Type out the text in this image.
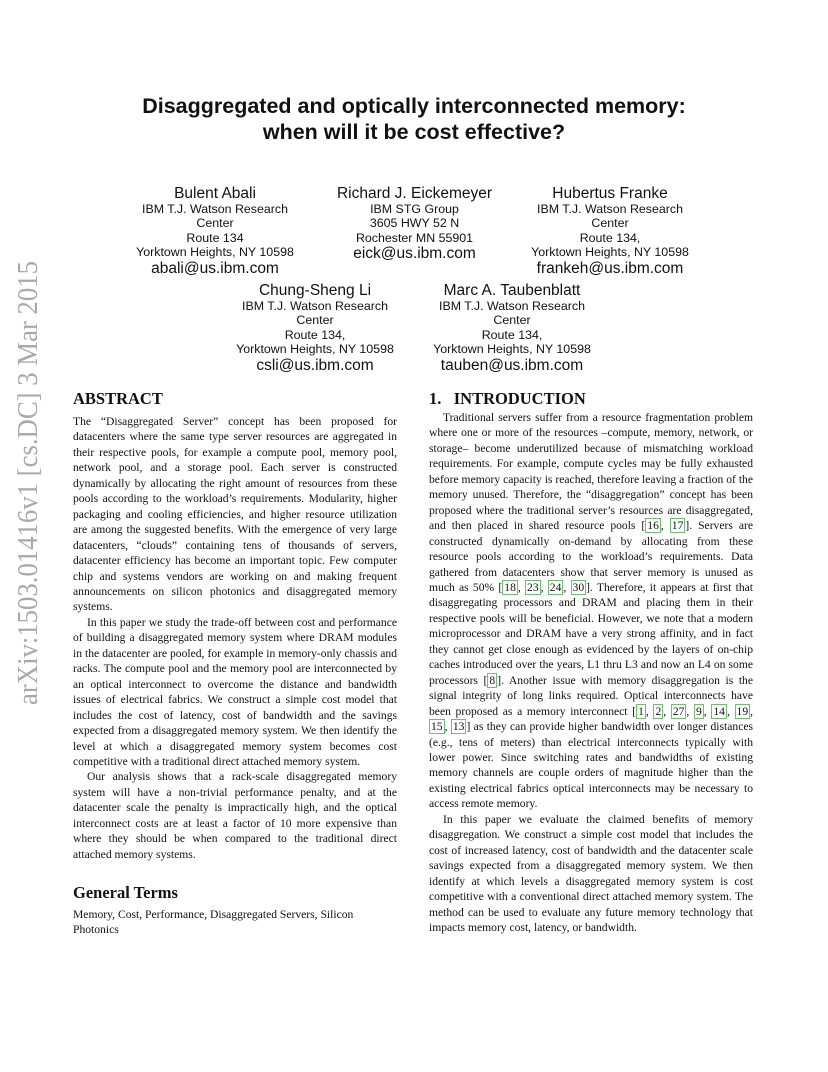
arXiv:1503.01416v1 [cs.DC] 3 Mar 2015
Disaggregated and optically interconnected memory:
when will it be cost effective?
Bulent Abali
IBM T.J. Watson Research
Center
Route 134
Yorktown Heights, NY 10598
abali@us.ibm.com
Richard J. Eickemeyer
IBM STG Group
3605 HWY 52 N
Rochester MN 55901
eick@us.ibm.com
Hubertus Franke
IBM T.J. Watson Research
Center
Route 134,
Yorktown Heights, NY 10598
frankeh@us.ibm.com
Chung-Sheng Li
IBM T.J. Watson Research
Center
Route 134,
Yorktown Heights, NY 10598
csli@us.ibm.com
Marc A. Taubenblatt
IBM T.J. Watson Research
Center
Route 134,
Yorktown Heights, NY 10598
tauben@us.ibm.com
ABSTRACT

The “Disaggregated Server” concept has been proposed for datacenters where the same type server resources are aggregated in their respective pools, for example a compute pool, memory pool, network pool, and a storage pool. Each server is constructed dynamically by allocating the right amount of resources from these pools according to the workload’s requirements. Modularity, higher packaging and cooling efficiencies, and higher resource utilization are among the suggested benefits. With the emergence of very large datacenters, “clouds” containing tens of thousands of servers, datacenter efficiency has become an important topic. Few computer chip and systems vendors are working on and making frequent announcements on silicon photonics and disaggregated memory systems.

In this paper we study the trade-off between cost and performance of building a disaggregated memory system where DRAM modules in the datacenter are pooled, for example in memory-only chassis and racks. The compute pool and the memory pool are interconnected by an optical interconnect to overcome the distance and bandwidth issues of electrical fabrics. We construct a simple cost model that includes the cost of latency, cost of bandwidth and the savings expected from a disaggregated memory system. We then identify the level at which a disaggregated memory system becomes cost competitive with a traditional direct attached memory system.

Our analysis shows that a rack-scale disaggregated memory system will have a non-trivial performance penalty, and at the datacenter scale the penalty is impractically high, and the optical interconnect costs are at least a factor of 10 more expensive than where they should be when compared to the traditional direct attached memory systems.

General Terms
Memory, Cost, Performance, Disaggregated Servers, Silicon Photonics
1.   INTRODUCTION

Traditional servers suffer from a resource fragmentation problem where one or more of the resources –compute, memory, network, or storage– become underutilized because of mismatching workload requirements. For example, compute cycles may be fully exhausted before memory capacity is reached, therefore leaving a fraction of the memory unused. Therefore, the “disaggregation” concept has been proposed where the traditional server’s resources are disaggregated, and then placed in shared resource pools [ 16 , 17 ]. Servers are constructed dynamically on-demand by allocating from these resource pools according to the workload’s requirements. Data gathered from datacenters show that server memory is unused as much as 50% [ 18 , 23 , 24 , 30 ]. Therefore, it appears at first that disaggregating processors and DRAM and placing them in their respective pools will be beneficial. However, we note that a modern microprocessor and DRAM have a very strong affinity, and in fact they cannot get close enough as evidenced by the layers of on-chip caches introduced over the years, L1 thru L3 and now an L4 on some processors [ 8 ]. Another issue with memory disaggregation is the signal integrity of long links required. Optical interconnects have been proposed as a memory interconnect [ 1 , 2 , 27 , 9 , 14 , 19 , 15 , 13 ] as they can provide higher bandwidth over longer distances (e.g., tens of meters) than electrical interconnects typically with lower power. Since switching rates and bandwidths of existing memory channels are couple orders of magnitude higher than the existing electrical fabrics optical interconnects may be necessary to access remote memory.

In this paper we evaluate the claimed benefits of memory disaggregation. We construct a simple cost model that includes the cost of increased latency, cost of bandwidth and the datacenter scale savings expected from a disaggregated memory system. We then identify at which levels a disaggregated memory system is cost competitive with a conventional direct attached memory system. The method can be used to evaluate any future memory technology that impacts memory cost, latency, or bandwidth.
